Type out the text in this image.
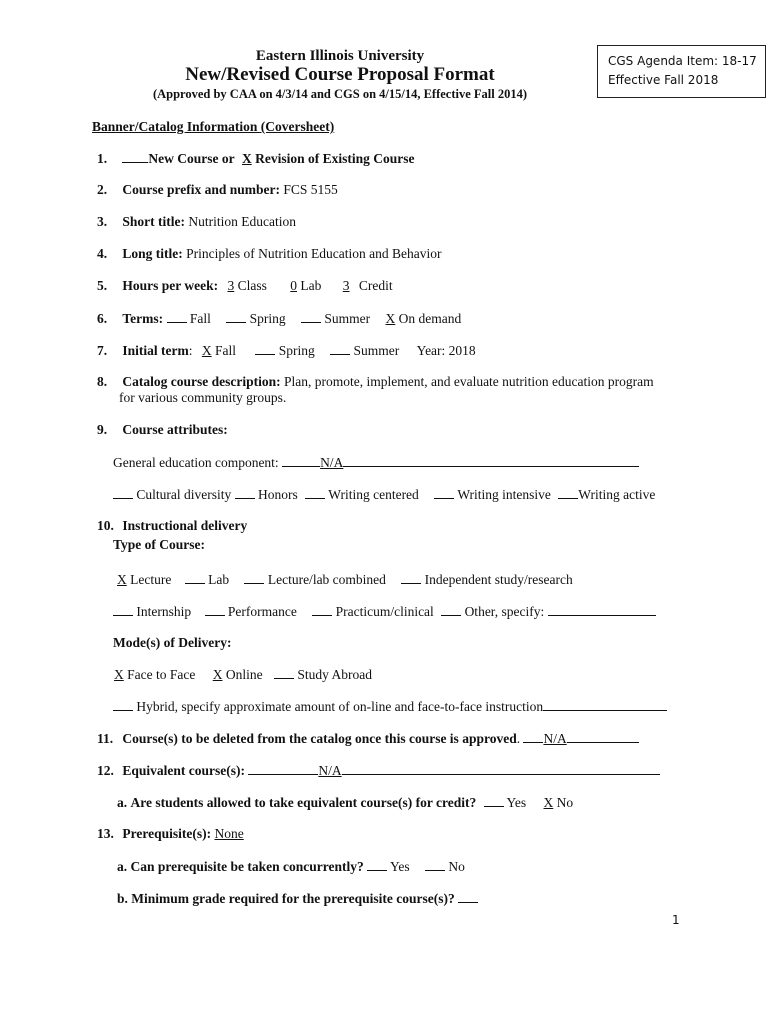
Eastern Illinois University
New/Revised Course Proposal Format
(Approved by CAA on 4/3/14 and CGS on 4/15/14, Effective Fall 2014)
CGS Agenda Item: 18-17
Effective Fall 2018
Banner/Catalog Information (Coversheet)
1.	New Course or X Revision of Existing Course
2. Course prefix and number: FCS 5155
3. Short title: Nutrition Education
4. Long title: Principles of Nutrition Education and Behavior
5. Hours per week: 3 Class 0 Lab 3 Credit
6. Terms: Fall	Spring	Summer X On demand
7. Initial term: X Fall	Spring	Summer Year: 2018
8. Catalog course description: Plan, promote, implement, and evaluate nutrition education program
for various community groups.
9. Course attributes:
General education component:	N/A
Cultural diversity Honors Writing centered	Writing intensive Writing active
10. Instructional delivery
Type of Course:
X Lecture	Lab	Lecture/lab combined	Independent study/research
Internship	Performance	Practicum/clinical Other, specify:
Mode(s) of Delivery:
X Face to Face X Online	Study Abroad
Hybrid, specify approximate amount of on-line and face-to-face instruction
11. Course(s) to be deleted from the catalog once this course is approved. N/A
12. Equivalent course(s):	N/A
a. Are students allowed to take equivalent course(s) for credit? Yes X No
13. Prerequisite(s): None
a. Can prerequisite be taken concurrently? Yes	No
b. Minimum grade required for the prerequisite course(s)?
1
